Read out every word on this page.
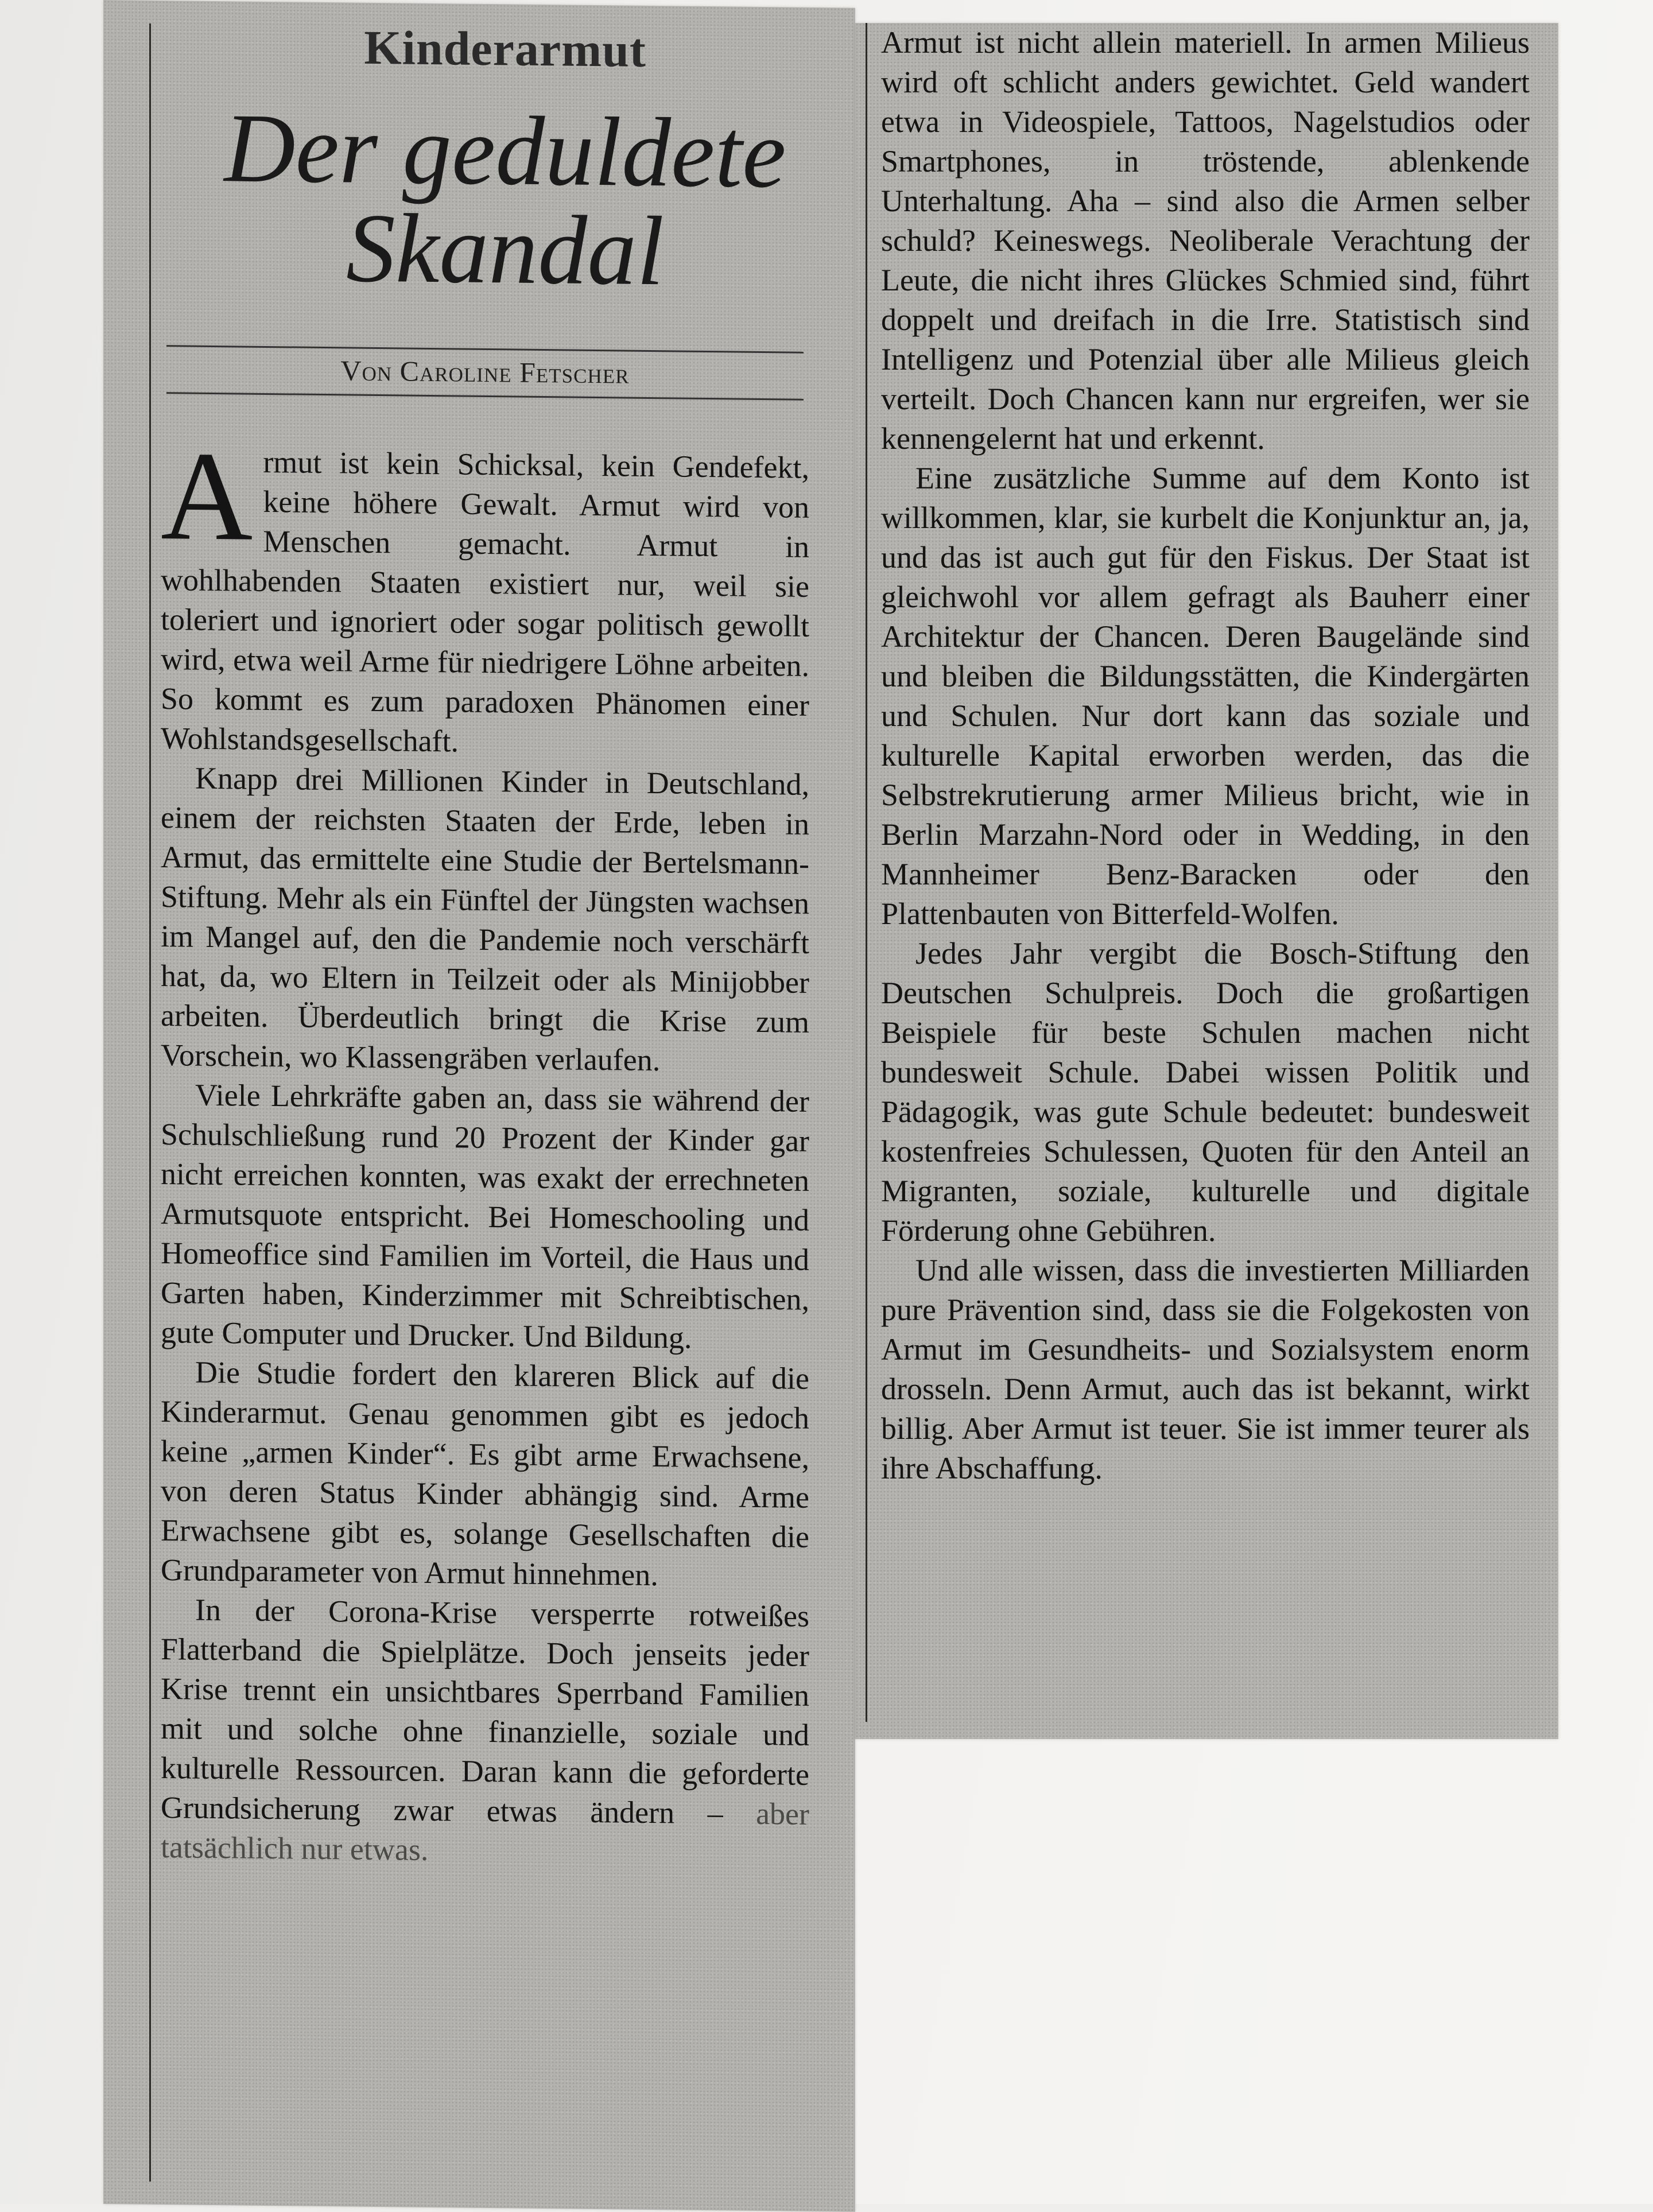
Kinderarmut
Der geduldete
Skandal
Von Caroline Fetscher

Armut ist kein Schicksal, kein Gendefekt, keine höhere Gewalt. Armut wird von Menschen gemacht. Armut in wohlhabenden Staaten existiert nur, weil sie toleriert und ignoriert oder sogar politisch gewollt wird, etwa weil Arme für niedrigere Löhne arbeiten. So kommt es zum paradoxen Phänomen einer Wohlstandsgesellschaft.

Knapp drei Millionen Kinder in Deutschland, einem der reichsten Staaten der Erde, leben in Armut, das ermittelte eine Studie der Bertelsmann-Stiftung. Mehr als ein Fünftel der Jüngsten wachsen im Mangel auf, den die Pandemie noch verschärft hat, da, wo Eltern in Teilzeit oder als Minijobber arbeiten. Überdeutlich bringt die Krise zum Vorschein, wo Klassengräben verlaufen.

Viele Lehrkräfte gaben an, dass sie während der Schulschließung rund 20 Prozent der Kinder gar nicht erreichen konnten, was exakt der errechneten Armutsquote entspricht. Bei Homeschooling und Homeoffice sind Familien im Vorteil, die Haus und Garten haben, Kinderzimmer mit Schreibtischen, gute Computer und Drucker. Und Bildung.

Die Studie fordert den klareren Blick auf die Kinderarmut. Genau genommen gibt es jedoch keine „armen Kinder“. Es gibt arme Erwachsene, von deren Status Kinder abhängig sind. Arme Erwachsene gibt es, solange Gesellschaften die Grundparameter von Armut hinnehmen.

In der Corona-Krise versperrte rotweißes Flatterband die Spielplätze. Doch jenseits jeder Krise trennt ein unsichtbares Sperrband Familien mit und solche ohne finanzielle, soziale und kulturelle Ressourcen. Daran kann die geforderte Grundsicherung zwar etwas ändern – aber tatsächlich nur etwas.

Armut ist nicht allein materiell. In armen Milieus wird oft schlicht anders gewichtet. Geld wandert etwa in Videospiele, Tattoos, Nagelstudios oder Smartphones, in tröstende, ablenkende Unterhaltung. Aha – sind also die Armen selber schuld? Keineswegs. Neoliberale Verachtung der Leute, die nicht ihres Glückes Schmied sind, führt doppelt und dreifach in die Irre. Statistisch sind Intelligenz und Potenzial über alle Milieus gleich verteilt. Doch Chancen kann nur ergreifen, wer sie kennengelernt hat und erkennt.

Eine zusätzliche Summe auf dem Konto ist willkommen, klar, sie kurbelt die Konjunktur an, ja, und das ist auch gut für den Fiskus. Der Staat ist gleichwohl vor allem gefragt als Bauherr einer Architektur der Chancen. Deren Baugelände sind und bleiben die Bildungsstätten, die Kindergärten und Schulen. Nur dort kann das soziale und kulturelle Kapital erworben werden, das die Selbstrekrutierung armer Milieus bricht, wie in Berlin Marzahn-Nord oder in Wedding, in den Mannheimer Benz-Baracken oder den Plattenbauten von Bitterfeld-Wolfen.

Jedes Jahr vergibt die Bosch-Stiftung den Deutschen Schulpreis. Doch die großartigen Beispiele für beste Schulen machen nicht bundesweit Schule. Dabei wissen Politik und Pädagogik, was gute Schule bedeutet: bundesweit kostenfreies Schulessen, Quoten für den Anteil an Migranten, soziale, kulturelle und digitale Förderung ohne Gebühren.

Und alle wissen, dass die investierten Milliarden pure Prävention sind, dass sie die Folgekosten von Armut im Gesundheits- und Sozialsystem enorm drosseln. Denn Armut, auch das ist bekannt, wirkt billig. Aber Armut ist teuer. Sie ist immer teurer als ihre Abschaffung.
